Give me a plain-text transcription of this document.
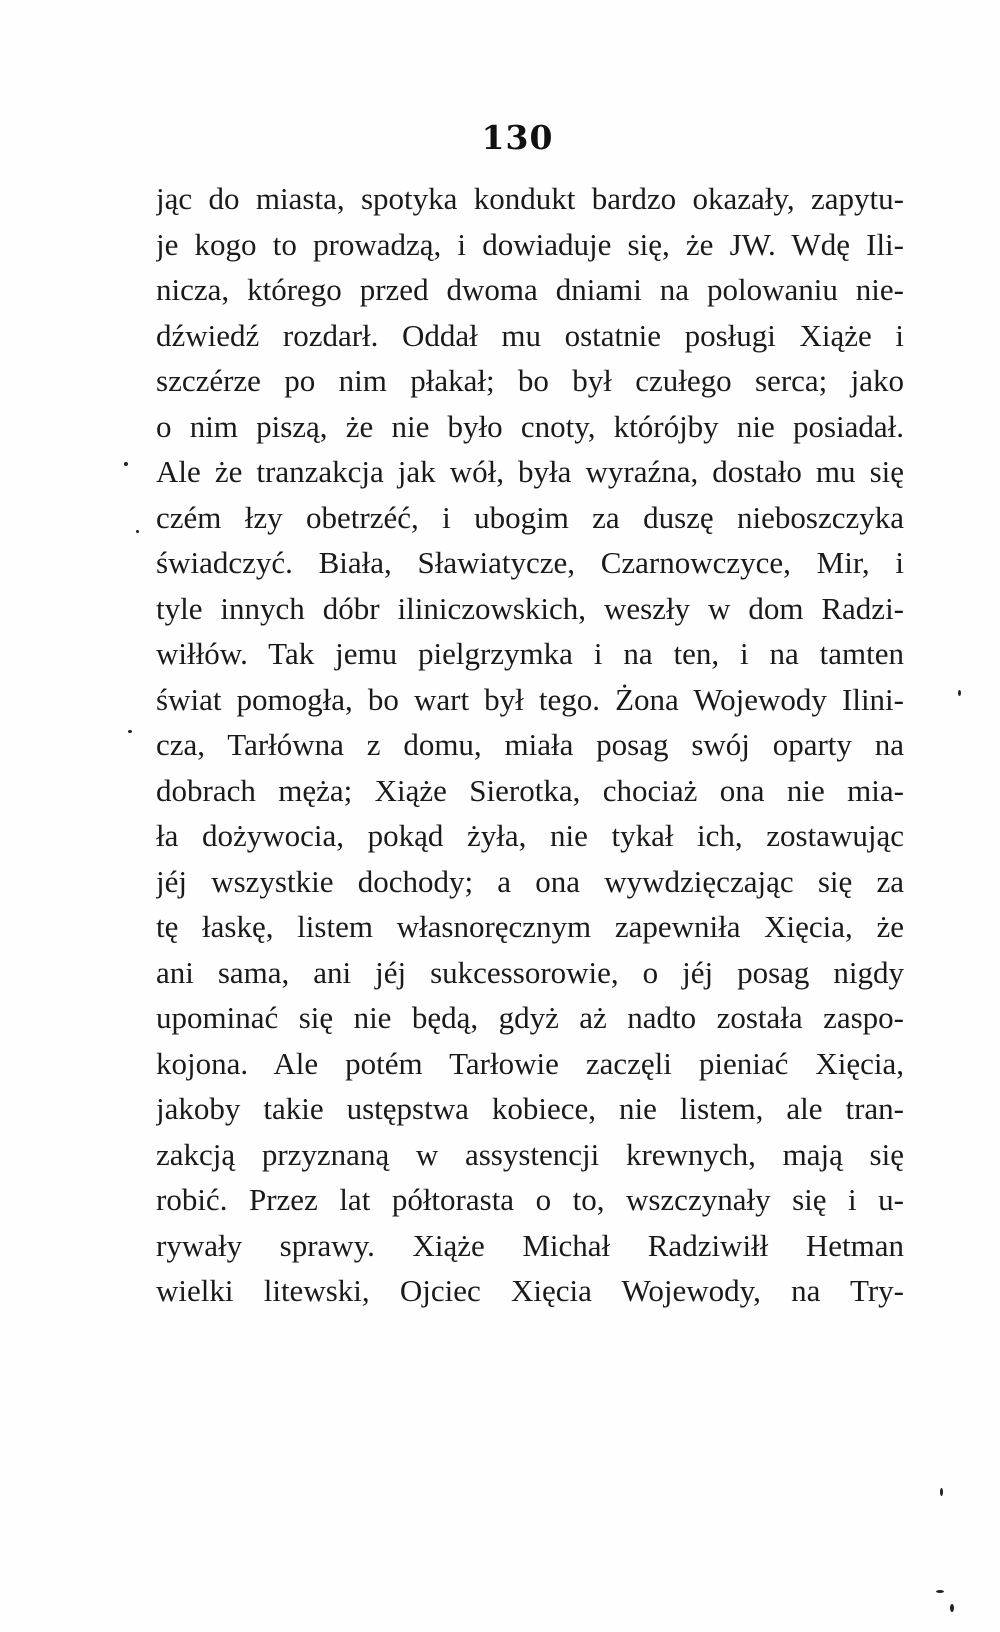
130
jąc do miasta, spotyka kondukt bardzo okazały, zapytu-
je kogo to prowadzą, i dowiaduje się, że JW. Wdę Ili-
nicza, którego przed dwoma dniami na polowaniu nie-
dźwiedź rozdarł. Oddał mu ostatnie posługi Xiąże i
szczérze po nim płakał; bo był czułego serca; jako
o nim piszą, że nie było cnoty, którójby nie posiadał.
Ale że tranzakcja jak wół, była wyraźna, dostało mu się
czém łzy obetrzéć, i ubogim za duszę nieboszczyka
świadczyć. Biała, Sławiatycze, Czarnowczyce, Mir, i
tyle innych dóbr iliniczowskich, weszły w dom Radzi-
wiłłów. Tak jemu pielgrzymka i na ten, i na tamten
świat pomogła, bo wart był tego. Żona Wojewody Ilini-
cza, Tarłówna z domu, miała posag swój oparty na
dobrach męża; Xiąże Sierotka, chociaż ona nie mia-
ła dożywocia, pokąd żyła, nie tykał ich, zostawując
jéj wszystkie dochody; a ona wywdzięczając się za
tę łaskę, listem własnoręcznym zapewniła Xięcia, że
ani sama, ani jéj sukcessorowie, o jéj posag nigdy
upominać się nie będą, gdyż aż nadto została zaspo-
kojona. Ale potém Tarłowie zaczęli pieniać Xięcia,
jakoby takie ustępstwa kobiece, nie listem, ale tran-
zakcją przyznaną w assystencji krewnych, mają się
robić. Przez lat półtorasta o to, wszczynały się i u-
rywały sprawy. Xiąże Michał Radziwiłł Hetman
wielki litewski, Ojciec Xięcia Wojewody, na Try-
